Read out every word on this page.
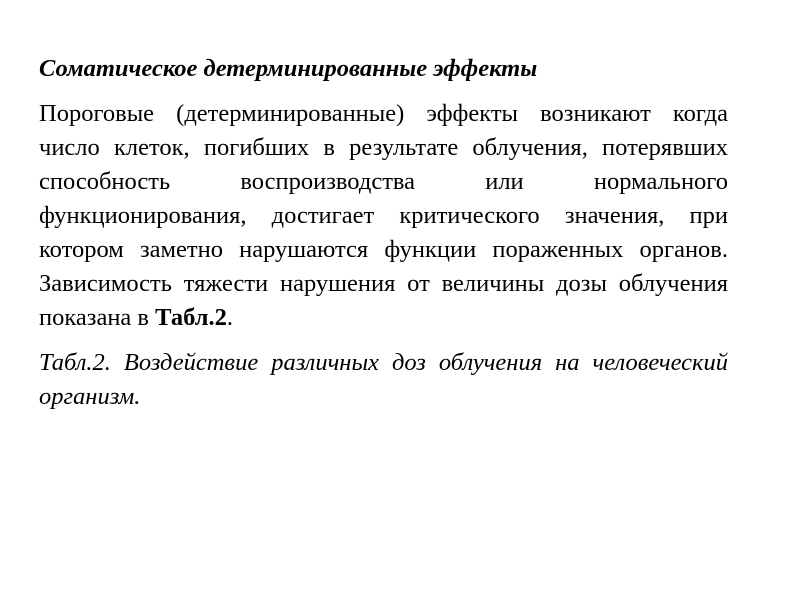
Соматическое детерминированные эффекты

Пороговые (детерминированные) эффекты возникают когда число клеток, погибших в результате облучения, потерявших способность воспроизводства или нормального функционирования, достигает критического значения, при котором заметно нарушаются функции пораженных органов. Зависимость тяжести нарушения от величины дозы облучения показана в Табл.2.

Табл.2. Воздействие различных доз облучения на человеческий организм.
